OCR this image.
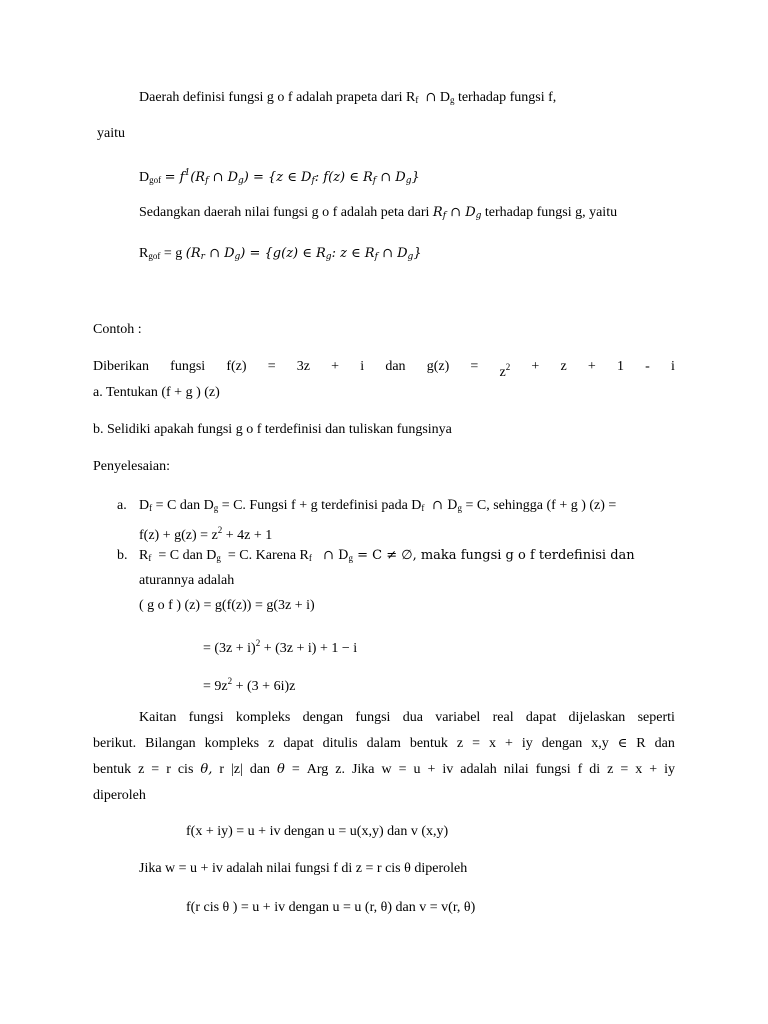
Daerah definisi fungsi g o f adalah prapeta dari $R_f$ ∩ $D_g$ terhadap fungsi f,
yaitu
$D_{gof} = f^1(R_f$ ∩ $D_g) = \{z$ ∈ $D_f$: f(z) ∈ $R_f$ ∩ $D_g$}
Sedangkan daerah nilai fungsi g o f adalah peta dari $R_f$ ∩ $D_g$ terhadap fungsi g, yaitu
$R_{gof} = g$ ($R_r$ ∩ $D_g) = \{g(z)$ ∈ $R_g$: z ∈ $R_f$ ∩ $D_g$}
Contoh :
Diberikan fungsi f(z) = 3z + i dan g(z) = z2 + z + 1 - i
a. Tentukan (f + g ) (z)
b. Selidiki apakah fungsi g o f terdefinisi dan tuliskan fungsinya
Penyelesaian:
a. $D_f = C$ dan $D_g = C$. Fungsi f + g terdefinisi pada $D_f$  ∩ $D_g = C$, sehingga (f + g ) (z) =
$f(z) + g(z) = z^2 + 4z + 1$
b. $R_f = C$ dan $D_g = C$. Karena $R_f$   ∩ $D_g = C$ ≠ ∅, maka fungsi g o f terdefinisi dan
aturannya adalah
( g o f ) (z) = g(f(z)) = g(3z + i)
= $(3z + i)^2 + (3z + i) + 1 - i$
= $9z^2 + (3 + 6i)z$
Kaitan fungsi kompleks dengan fungsi dua variabel real dapat dijelaskan seperti
berikut. Bilangan kompleks z dapat ditulis dalam bentuk z = x + iy dengan x,y ∈ R dan
bentuk z = r cis θ, r |z| dan θ = Arg z. Jika w = u + iv adalah nilai fungsi f di z = x + iy
diperoleh
f(x + iy) = u + iv dengan u = u(x,y) dan v (x,y)
Jika w = u + iv adalah nilai fungsi f di z = r cis θ diperoleh
f(r cis θ ) = u + iv dengan u = u (r, θ) dan v = v(r, θ)
